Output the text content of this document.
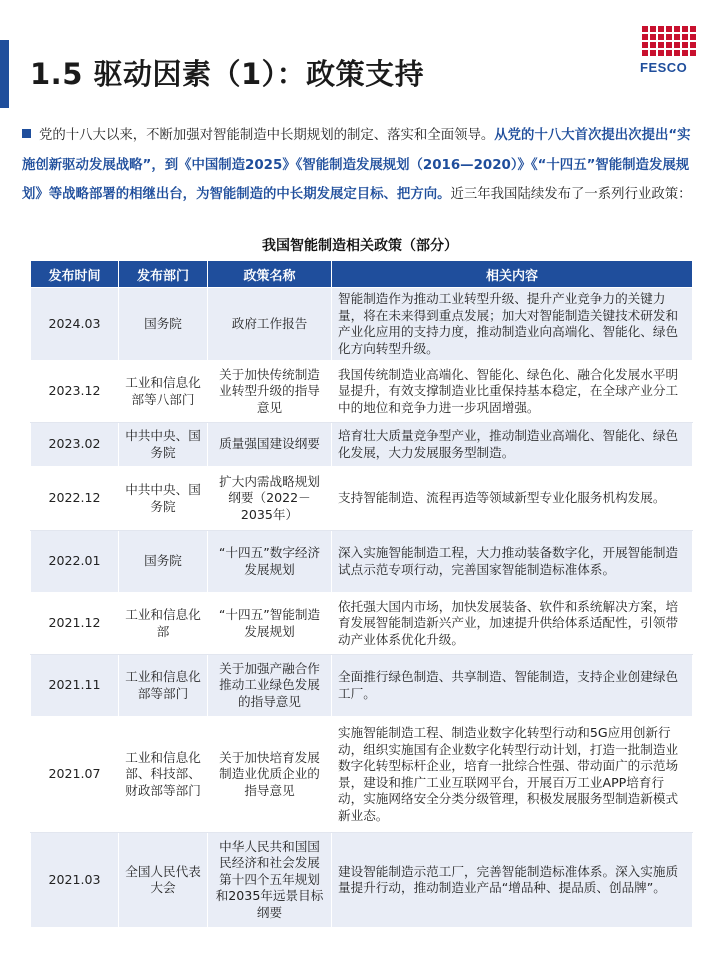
1.5 驱动因素（1）：政策支持	FESCO
党的十八大以来，不断加强对智能制造中长期规划的制定、落实和全面领导。从党的十八大首次提出次提出“实施创新驱动发展战略”，到《中国制造2025》《智能制造发展规划（2016—2020）》《“十四五”智能制造发展规划》等战略部署的相继出台，为智能制造的中长期发展定目标、把方向。近三年我国陆续发布了一系列行业政策：
我国智能制造相关政策（部分）
发布时间	发布部门	政策名称	相关内容
2024.03	国务院	政府工作报告	智能制造作为推动工业转型升级、提升产业竞争力的关键力量，将在未来得到重点发展；加大对智能制造关键技术研发和产业化应用的支持力度，推动制造业向高端化、智能化、绿色化方向转型升级。
2023.12	工业和信息化部等八部门	关于加快传统制造业转型升级的指导意见	我国传统制造业高端化、智能化、绿色化、融合化发展水平明显提升，有效支撑制造业比重保持基本稳定，在全球产业分工中的地位和竞争力进一步巩固增强。
2023.02	中共中央、国务院	质量强国建设纲要	培育壮大质量竞争型产业，推动制造业高端化、智能化、绿色化发展，大力发展服务型制造。
2022.12	中共中央、国务院	扩大内需战略规划纲要（2022－2035年）	支持智能制造、流程再造等领域新型专业化服务机构发展。
2022.01	国务院	“十四五”数字经济发展规划	深入实施智能制造工程，大力推动装备数字化，开展智能制造试点示范专项行动，完善国家智能制造标准体系。
2021.12	工业和信息化部	“十四五”智能制造发展规划	依托强大国内市场，加快发展装备、软件和系统解决方案，培育发展智能制造新兴产业，加速提升供给体系适配性，引领带动产业体系优化升级。
2021.11	工业和信息化部等部门	关于加强产融合作推动工业绿色发展的指导意见	全面推行绿色制造、共享制造、智能制造，支持企业创建绿色工厂。
2021.07	工业和信息化部、科技部、财政部等部门	关于加快培育发展制造业优质企业的指导意见	实施智能制造工程、制造业数字化转型行动和5G应用创新行动，组织实施国有企业数字化转型行动计划，打造一批制造业数字化转型标杆企业，培育一批综合性强、带动面广的示范场景，建设和推广工业互联网平台，开展百万工业APP培育行动，实施网络安全分类分级管理，积极发展服务型制造新模式新业态。
2021.03	全国人民代表大会	中华人民共和国国民经济和社会发展第十四个五年规划和2035年远景目标纲要	建设智能制造示范工厂，完善智能制造标准体系。深入实施质量提升行动，推动制造业产品“增品种、提品质、创品牌”。
